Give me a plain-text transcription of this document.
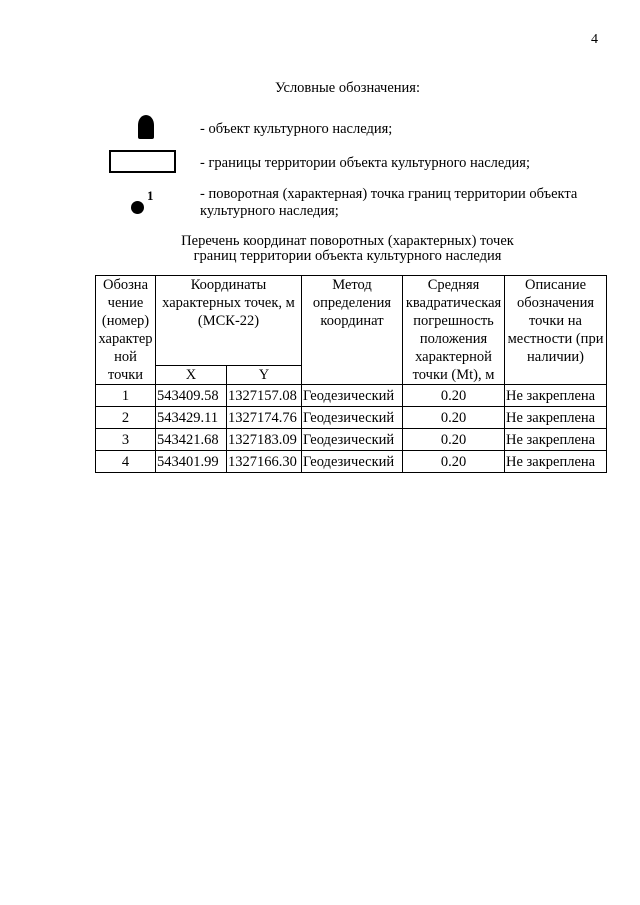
4
Условные обозначения:
- объект культурного наследия;
- границы территории объекта культурного наследия;
1	- поворотная (характерная) точка границ территории объекта культурного наследия;
Перечень координат поворотных (характерных) точек
границ территории объекта культурного наследия
Обозна чение (номер) характер ной точки	Координаты характерных точек, м (МСК-22)		Метод определения координат	Средняя квадратическая погрешность положения характерной точки (Mt), м	Описание обозначения точки на местности (при наличии)
	X	Y			
1	543409.58	1327157.08	Геодезический	0.20	Не закреплена
2	543429.11	1327174.76	Геодезический	0.20	Не закреплена
3	543421.68	1327183.09	Геодезический	0.20	Не закреплена
4	543401.99	1327166.30	Геодезический	0.20	Не закреплена
